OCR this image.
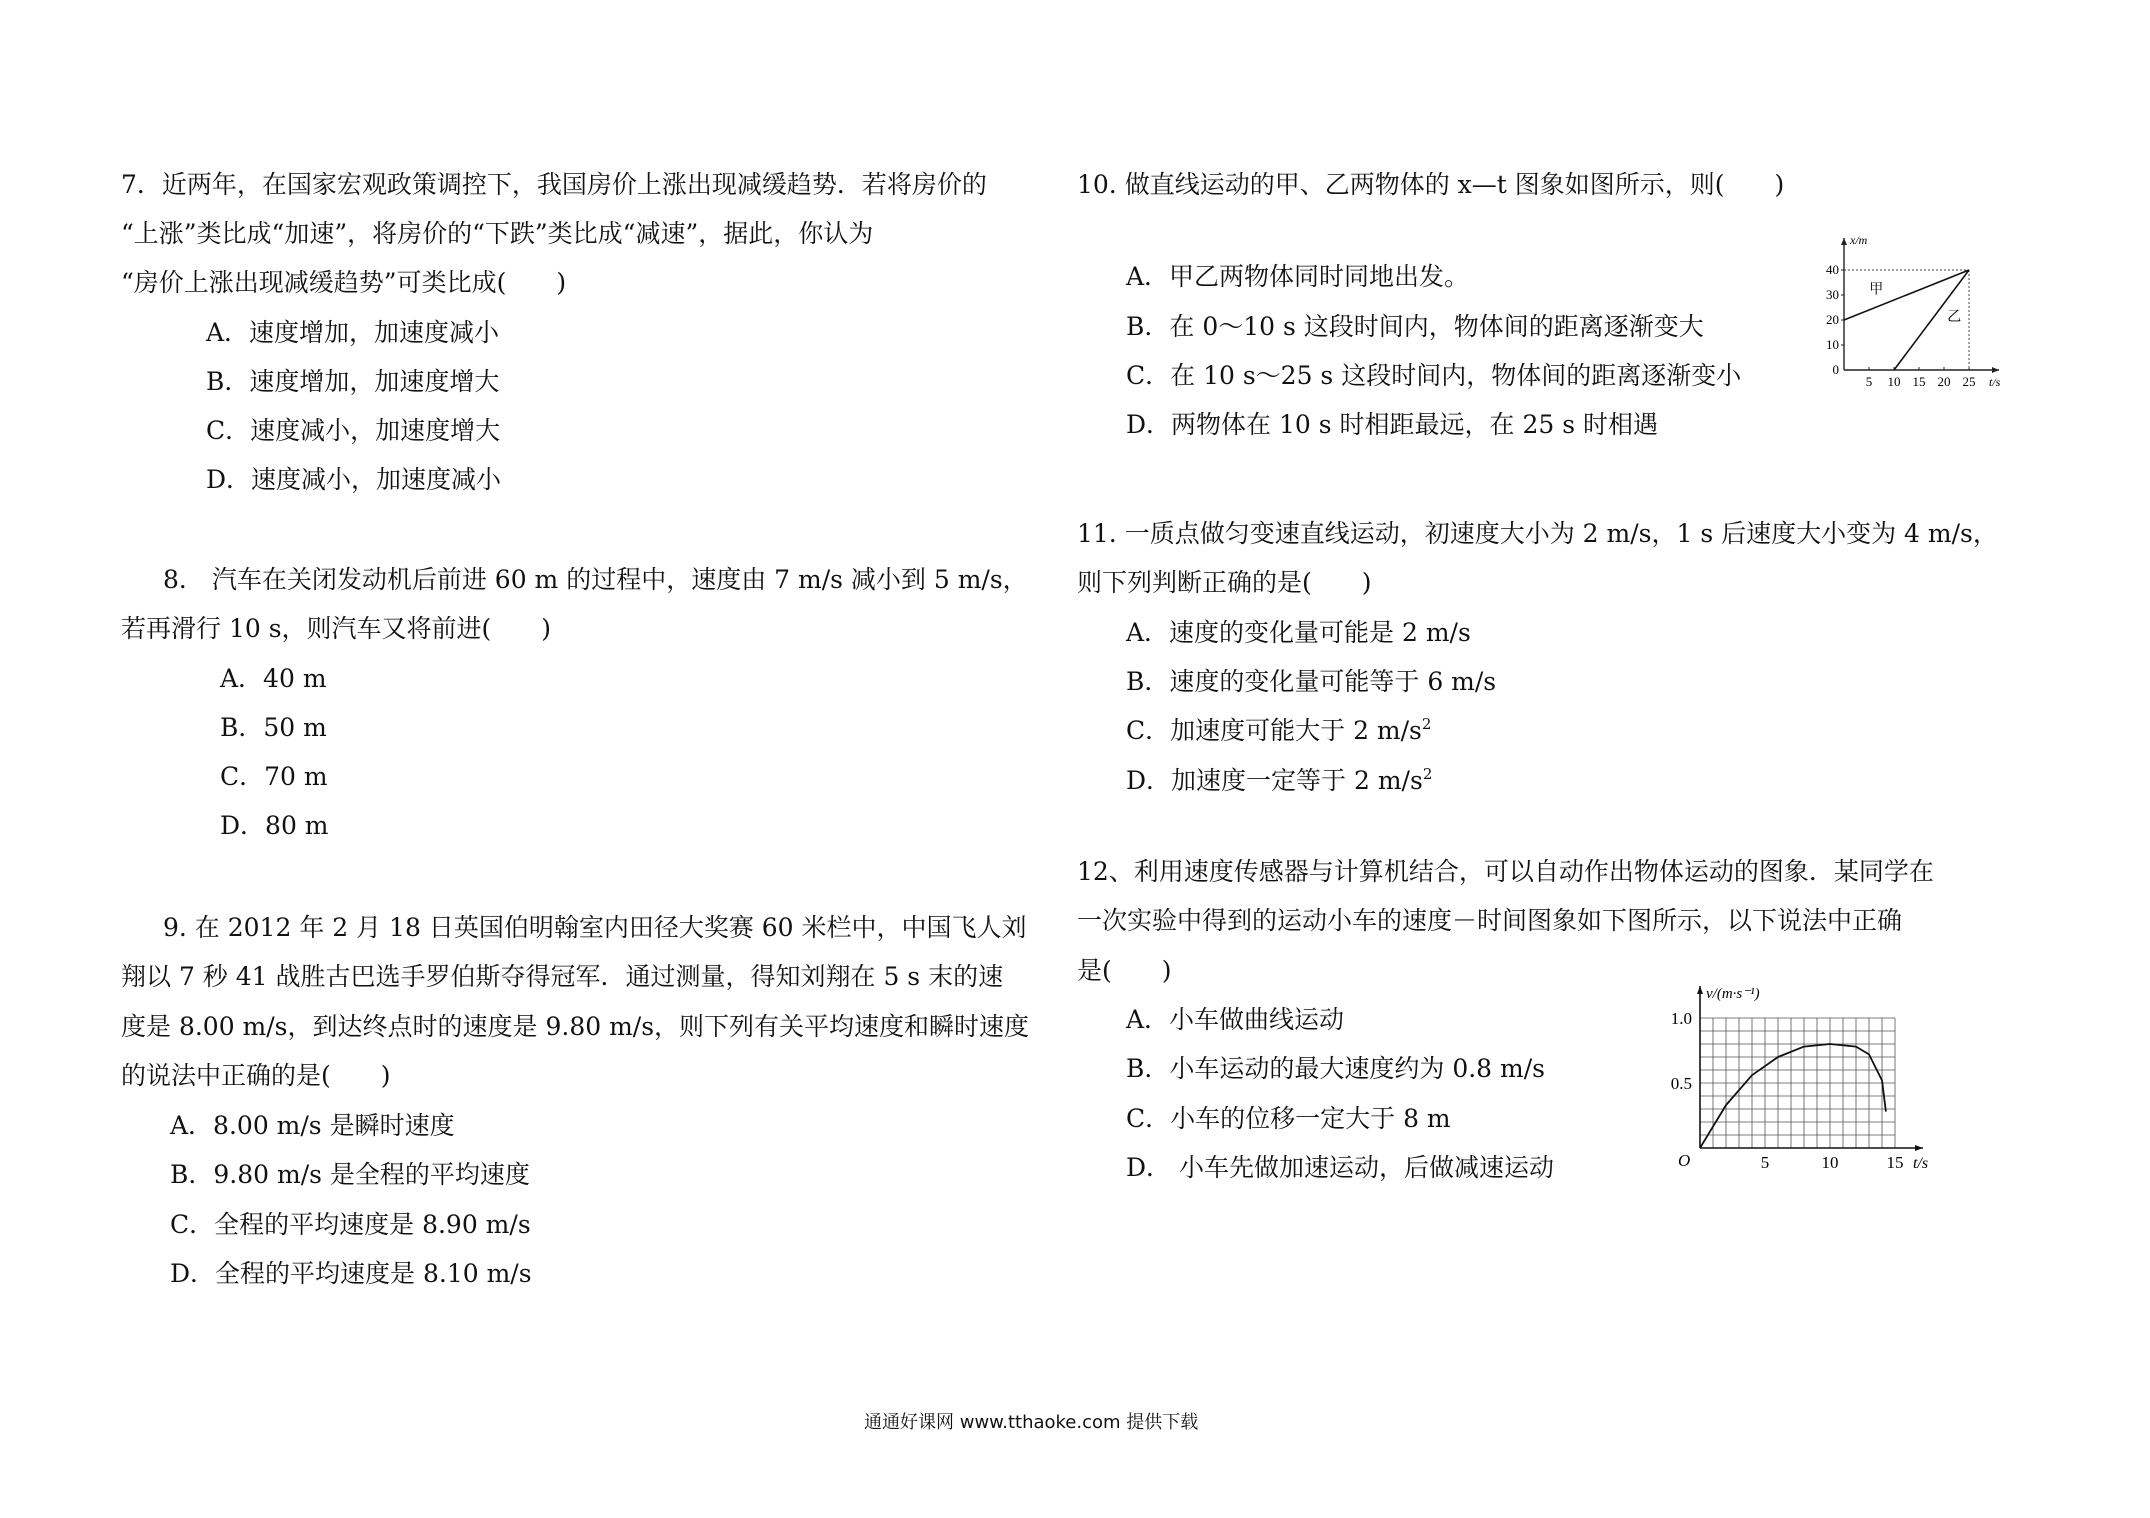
7．近两年，在国家宏观政策调控下，我国房价上涨出现减缓趋势．若将房价的
“上涨”类比成“加速”，将房价的“下跌”类比成“减速”，据此，你认为
“房价上涨出现减缓趋势”可类比成(　　)
A．速度增加，加速度减小
B．速度增加，加速度增大
C．速度减小，加速度增大
D．速度减小，加速度减小
8． 汽车在关闭发动机后前进 60 m 的过程中，速度由 7 m/s 减小到 5 m/s，
若再滑行 10 s，则汽车又将前进(　　)
A．40 m
B．50 m
C．70 m
D．80 m
9. 在 2012 年 2 月 18 日英国伯明翰室内田径大奖赛 60 米栏中，中国飞人刘
翔以 7 秒 41 战胜古巴选手罗伯斯夺得冠军．通过测量，得知刘翔在 5 s 末的速
度是 8.00 m/s，到达终点时的速度是 9.80 m/s，则下列有关平均速度和瞬时速度
的说法中正确的是(　　)
A．8.00 m/s 是瞬时速度
B．9.80 m/s 是全程的平均速度
C．全程的平均速度是 8.90 m/s
D．全程的平均速度是 8.10 m/s
10. 做直线运动的甲、乙两物体的 x—t 图象如图所示，则(　　)
A．甲乙两物体同时同地出发。
B．在 0～10 s 这段时间内，物体间的距离逐渐变大
C．在 10 s～25 s 这段时间内，物体间的距离逐渐变小
D．两物体在 10 s 时相距最远，在 25 s 时相遇
x/m
t/s
0
10
20
30
40
5 10 15 20 25
甲
乙
11. 一质点做匀变速直线运动，初速度大小为 2 m/s，1 s 后速度大小变为 4 m/s，
则下列判断正确的是(　　)
A．速度的变化量可能是 2 m/s
B．速度的变化量可能等于 6 m/s
C．加速度可能大于 2 $m/s^2$
D．加速度一定等于 2 $m/s^2$
12、利用速度传感器与计算机结合，可以自动作出物体运动的图象．某同学在
一次实验中得到的运动小车的速度－时间图象如下图所示，以下说法中正确
是(　　)
A．小车做曲线运动
B．小车运动的最大速度约为 0.8 m/s
C．小车的位移一定大于 8 m
D． 小车先做加速运动，后做减速运动
v/(m·s⁻¹)
t/s
O
1.0
0.5
5	10	15
通通好课网 www.tthaoke.com 提供下载
